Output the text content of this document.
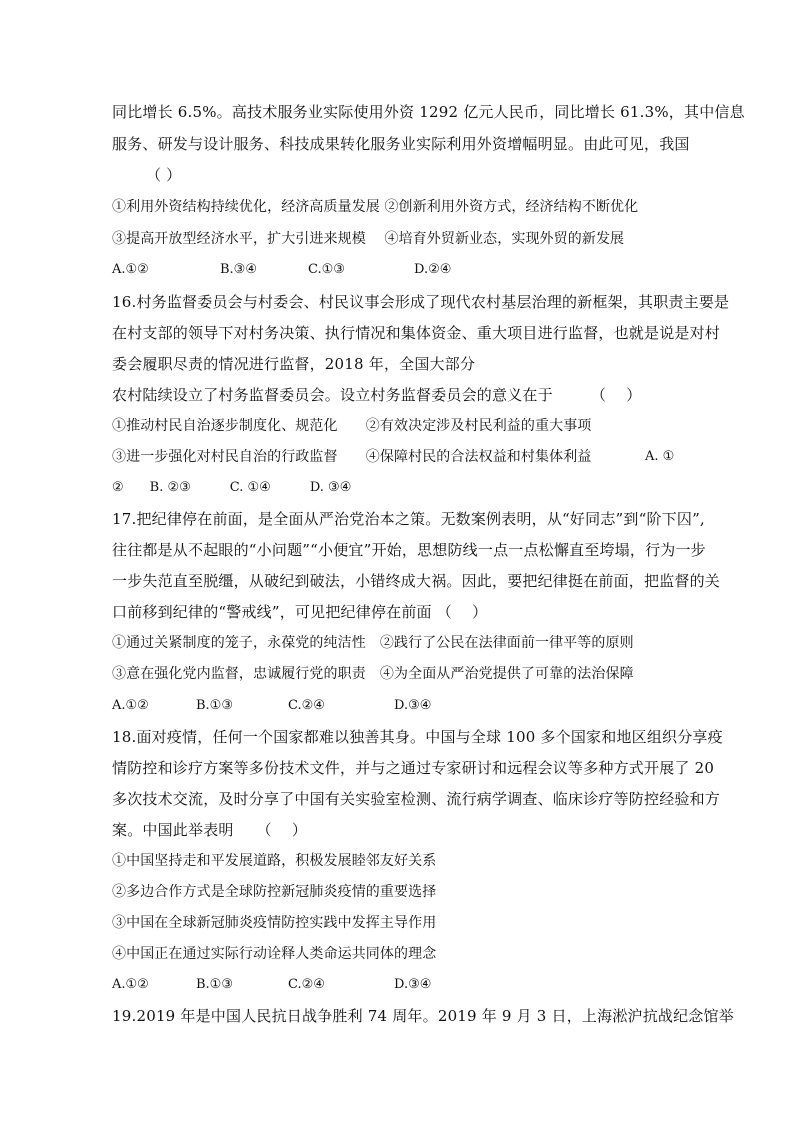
同比增长 6.5%。高技术服务业实际使用外资 1292 亿元人民币，同比增长 61.3%，其中信息
服务、研发与设计服务、科技成果转化服务业实际利用外资增幅明显。由此可见，我国
（ ）
①利用外资结构持续优化，经济高质量发展 ②创新利用外资方式，经济结构不断优化
③提高开放型经济水平，扩大引进来规模　 ④培育外贸新业态，实现外贸的新发展
A.①②	B.③④	C.①③	D.②④
16.村务监督委员会与村委会、村民议事会形成了现代农村基层治理的新框架，其职责主要是
在村支部的领导下对村务决策、执行情况和集体资金、重大项目进行监督，也就是说是对村
委会履职尽责的情况进行监督，2018 年，全国大部分
农村陆续设立了村务监督委员会。设立村务监督委员会的意义在于　　　（　 ）
①推动村民自治逐步制度化、规范化　　②有效决定涉及村民利益的重大事项
③进一步强化对村民自治的行政监督　　④保障村民的合法权益和村集体利益	A. ①
②　　B. ②③　　　C. ①④　　　D. ③④
17.把纪律停在前面，是全面从严治党治本之策。无数案例表明，从“好同志”到“阶下囚”,
往往都是从不起眼的“小问题”“小便宜”开始，思想防线一点一点松懈直至垮塌，行为一步
一步失范直至脱缰，从破纪到破法，小错终成大祸。因此，要把纪律挺在前面，把监督的关
口前移到纪律的“警戒线”，可见把纪律停在前面 （　 ）
①通过关紧制度的笼子，永葆党的纯洁性　②践行了公民在法律面前一律平等的原则
③意在强化党内监督，忠诚履行党的职责　④为全面从严治党提供了可靠的法治保障
A.①②	B.①③	C.②④	D.③④
18.面对疫情，任何一个国家都难以独善其身。中国与全球 100 多个国家和地区组织分享疫
情防控和诊疗方案等多份技术文件，并与之通过专家研讨和远程会议等多种方式开展了 20
多次技术交流，及时分享了中国有关实验室检测、流行病学调查、临床诊疗等防控经验和方
案。中国此举表明　　（　 ）
①中国坚持走和平发展道路，积极发展睦邻友好关系
②多边合作方式是全球防控新冠肺炎疫情的重要选择
③中国在全球新冠肺炎疫情防控实践中发挥主导作用
④中国正在通过实际行动诠释人类命运共同体的理念
A.①②	B.①③	C.②④	D.③④
19.2019 年是中国人民抗日战争胜利 74 周年。2019 年 9 月 3 日，上海淞沪抗战纪念馆举
